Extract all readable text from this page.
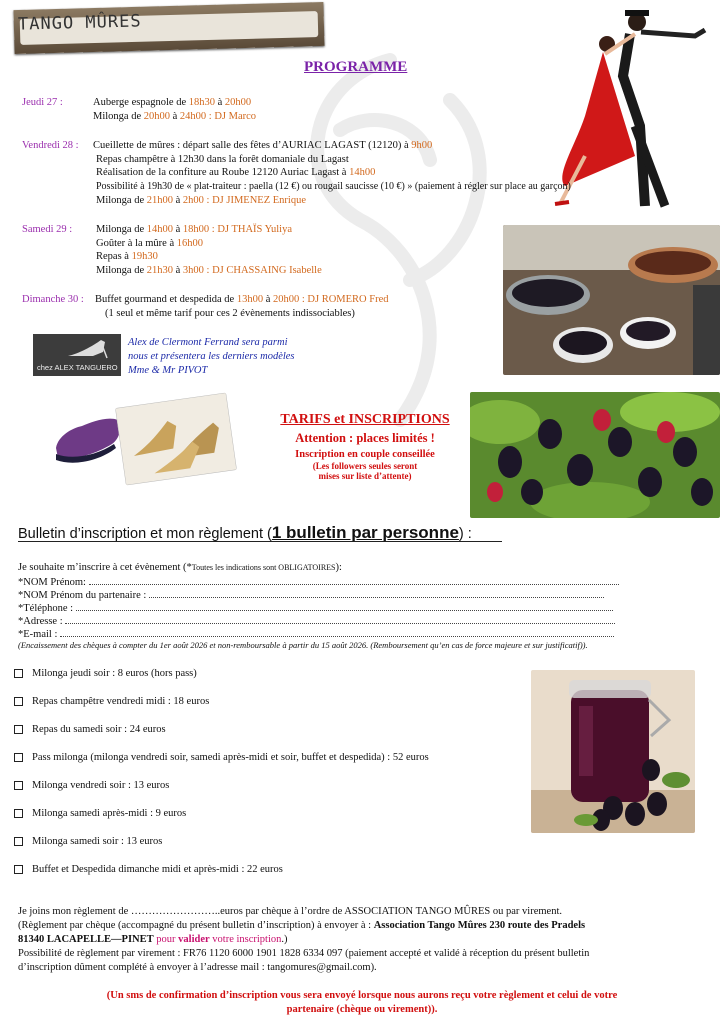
TANGO MÛRES
PROGRAMME
Jeudi 27 :	Auberge espagnole de 18h30 à 20h00
Milonga de 20h00 à 24h00 : DJ Marco
Vendredi 28 : Cueillette de mûres : départ salle des fêtes d’AURIAC LAGAST (12120) à 9h00
Repas champêtre à 12h30 dans la forêt domaniale du Lagast
Réalisation de la confiture au Roube 12120 Auriac Lagast à 14h00
Possibilité à 19h30 de « plat-traiteur : paella (12 €) ou rougail saucisse (10 €) » (paiement à régler sur place au garçon)
Milonga de 21h00 à 2h00 : DJ JIMENEZ Enrique
Samedi 29 : Milonga de 14h00 à 18h00 : DJ THAÏS Yuliya
Goûter à la mûre à 16h00
Repas à 19h30
Milonga de 21h30 à 3h00 : DJ CHASSAING Isabelle
Dimanche 30 : Buffet gourmand et despedida de 13h00 à 20h00 : DJ ROMERO Fred
(1 seul et même tarif pour ces 2 évènements indissociables)
chez ALEX TANGUERO
Alex de Clermont Ferrand sera parmi
nous et présentera les derniers modèles
Mme & Mr PIVOT
TARIFS et INSCRIPTIONS
Attention : places limités !
Inscription en couple conseillée
(Les followers seules seront
mises sur liste d’attente)
Bulletin d’inscription et mon règlement (1 bulletin par personne) :
Je souhaite m’inscrire à cet évènement (*Toutes les indications sont OBLIGATOIRES):
*NOM Prénom:
*NOM Prénom du partenaire :
*Téléphone :
*Adresse :
*E-mail :
(Encaissement des chèques à compter du 1er août 2026 et non-remboursable à partir du 15 août 2026. (Remboursement qu’en cas de force majeure et sur justificatif)).
Milonga jeudi soir : 8 euros (hors pass)
Repas champêtre vendredi midi : 18 euros
Repas du samedi soir : 24 euros
Pass milonga (milonga vendredi soir, samedi après-midi et soir, buffet et despedida) : 52 euros
Milonga vendredi soir : 13 euros
Milonga samedi après-midi : 9 euros
Milonga samedi soir : 13 euros
Buffet et Despedida dimanche midi et après-midi : 22 euros
Je joins mon règlement de ……………………..euros par chèque à l’ordre de ASSOCIATION TANGO MÛRES ou par virement.
(Règlement par chèque (accompagné du présent bulletin d’inscription) à envoyer à : Association Tango Mûres 230 route des Pradels
81340 LACAPELLE—PINET pour valider votre inscription.)
Possibilité de règlement par virement : FR76 1120 6000 1901 1828 6334 097 (paiement accepté et validé à réception du présent bulletin
d’inscription dûment complété à envoyer à l’adresse mail : tangomures@gmail.com).
(Un sms de confirmation d’inscription vous sera envoyé lorsque nous aurons reçu votre règlement et celui de votre
partenaire (chèque ou virement)).
